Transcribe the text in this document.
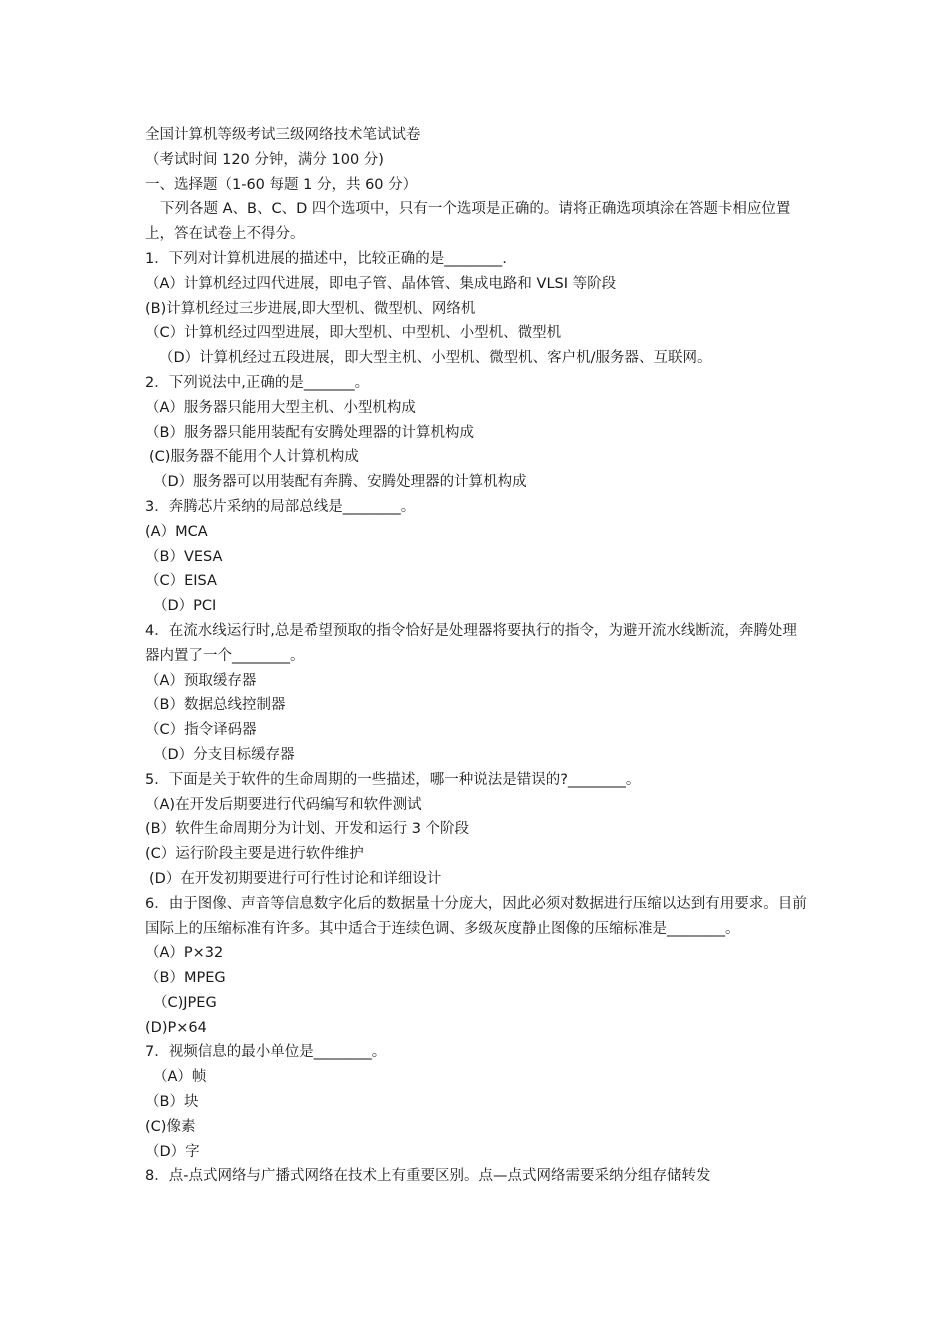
全国计算机等级考试三级网络技术笔试试卷
（考试时间 120 分钟，满分 100 分)
一、选择题（1-60 每题 1 分，共 60 分）
下列各题 A、B、C、D 四个选项中，只有一个选项是正确的。请将正确选项填涂在答题卡相应位置上，答在试卷上不得分。
1．下列对计算机进展的描述中，比较正确的是________.
（A）计算机经过四代进展，即电子管、晶体管、集成电路和 VLSI 等阶段
(B)计算机经过三步进展,即大型机、微型机、网络机
（C）计算机经过四型进展，即大型机、中型机、小型机、微型机
（D）计算机经过五段进展，即大型主机、小型机、微型机、客户机/服务器、互联网。
2．下列说法中,正确的是_______。
（A）服务器只能用大型主机、小型机构成
（B）服务器只能用装配有安腾处理器的计算机构成
(C)服务器不能用个人计算机构成
（D）服务器可以用装配有奔腾、安腾处理器的计算机构成
3．奔腾芯片采纳的局部总线是________。
(A）MCA
（B）VESA
（C）EISA
（D）PCI
4．在流水线运行时,总是希望预取的指令恰好是处理器将要执行的指令，为避开流水线断流，奔腾处理器内置了一个________。
（A）预取缓存器
（B）数据总线控制器
（C）指令译码器
（D）分支目标缓存器
5．下面是关于软件的生命周期的一些描述，哪一种说法是错误的?________。
（A)在开发后期要进行代码编写和软件测试
(B）软件生命周期分为计划、开发和运行 3 个阶段
(C）运行阶段主要是进行软件维护
(D）在开发初期要进行可行性讨论和详细设计
6．由于图像、声音等信息数字化后的数据量十分庞大，因此必须对数据进行压缩以达到有用要求。目前国际上的压缩标准有许多。其中适合于连续色调、多级灰度静止图像的压缩标准是________。
（A）P×32
（B）MPEG
（C)JPEG
(D)P×64
7．视频信息的最小单位是________。
（A）帧
（B）块
(C)像素
（D）字
8．点-点式网络与广播式网络在技术上有重要区别。点—点式网络需要采纳分组存储转发
